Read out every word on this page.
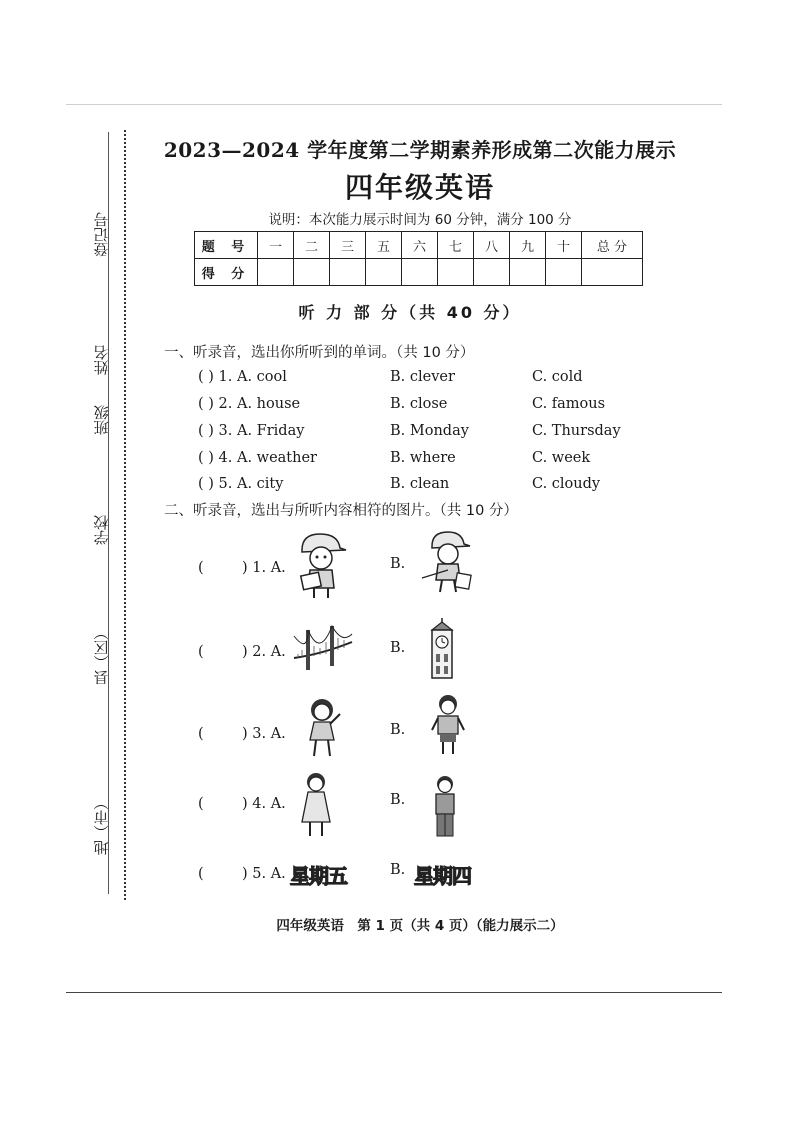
地（市）
县（区）
学校
班级
姓名
登记号
2023—2024 学年度第二学期素养形成第二次能力展示
四年级英语
说明：本次能力展示时间为 60 分钟，满分 100 分
题 号	一	二	三	五	六	七	八	九	十	总 分
得 分										
听 力 部 分（共 40 分）
一、听录音，选出你所听到的单词。（共 10 分）
( ) 1. A. cool	B. clever	C. cold
( ) 2. A. house	B. close	C. famous
( ) 3. A. Friday	B. Monday	C. Thursday
( ) 4. A. weather	B. where	C. week
( ) 5. A. city	B. clean	C. cloudy
二、听录音，选出与所听内容相符的图片。（共 10 分）
(	) 1. A.	B.
(	) 2. A.	B.
(	) 3. A.	B.
(	) 4. A.	B.
(	) 5. A.	B.
星期五	星期四
四年级英语　第 1 页（共 4 页）（能力展示二）
